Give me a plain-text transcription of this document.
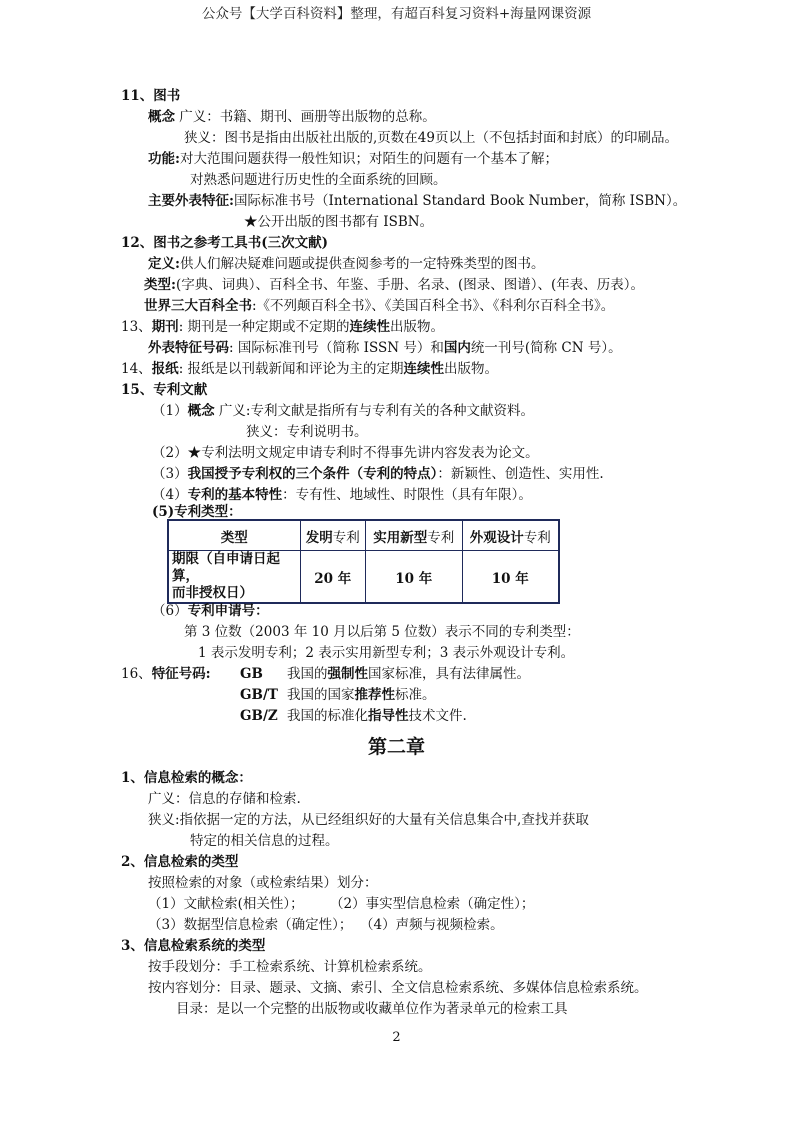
公众号【大学百科资料】整理，有超百科复习资料+海量网课资源
11、图书
概念 广义：书籍、期刊、画册等出版物的总称。
狭义：图书是指由出版社出版的,页数在49页以上（不包括封面和封底）的印刷品。
功能:对大范围问题获得一般性知识；对陌生的问题有一个基本了解；
对熟悉问题进行历史性的全面系统的回顾。
主要外表特征:国际标准书号（International Standard Book Number，简称 ISBN）。
★公开出版的图书都有 ISBN。
12、图书之参考工具书(三次文献)
定义:供人们解决疑难问题或提供查阅参考的一定特殊类型的图书。
类型:(字典、词典）、百科全书、年鉴、手册、名录、(图录、图谱）、(年表、历表）。
世界三大百科全书:《不列颠百科全书》、《美国百科全书》、《科利尔百科全书》。
13、期刊: 期刊是一种定期或不定期的连续性出版物。
外表特征号码: 国际标准刊号（简称 ISSN 号）和国内统一刊号(简称 CN 号）。
14、报纸: 报纸是以刊载新闻和评论为主的定期连续性出版物。
15、专利文献
（1）概念 广义:专利文献是指所有与专利有关的各种文献资料。
狭义：专利说明书。
（2）★专利法明文规定申请专利时不得事先讲内容发表为论文。
（3）我国授予专利权的三个条件（专利的特点）：新颖性、创造性、实用性.
（4）专利的基本特性：专有性、地域性、时限性（具有年限）。
(5)专利类型：
类型	发明专利	实用新型专利	外观设计专利
期限（自申请日起算，
而非授权日）	20 年	10 年	10 年
（6）专利申请号：
第 3 位数（2003 年 10 月以后第 5 位数）表示不同的专利类型：
1 表示发明专利；2 表示实用新型专利；3 表示外观设计专利。
16、特征号码: GB 我国的强制性国家标准，具有法律属性。
GB/T 我国的国家推荐性标准。
GB/Z 我国的标准化指导性技术文件.
第二章
1、信息检索的概念：
广义：信息的存储和检索.
狭义:指依据一定的方法，从已经组织好的大量有关信息集合中,查找并获取
特定的相关信息的过程。
2、信息检索的类型
按照检索的对象（或检索结果）划分：
（1）文献检索(相关性）； （2）事实型信息检索（确定性）；
（3）数据型信息检索（确定性）； （4）声频与视频检索。
3、信息检索系统的类型
按手段划分：手工检索系统、计算机检索系统。
按内容划分：目录、题录、文摘、索引、全文信息检索系统、多媒体信息检索系统。
目录：是以一个完整的出版物或收藏单位作为著录单元的检索工具
2
